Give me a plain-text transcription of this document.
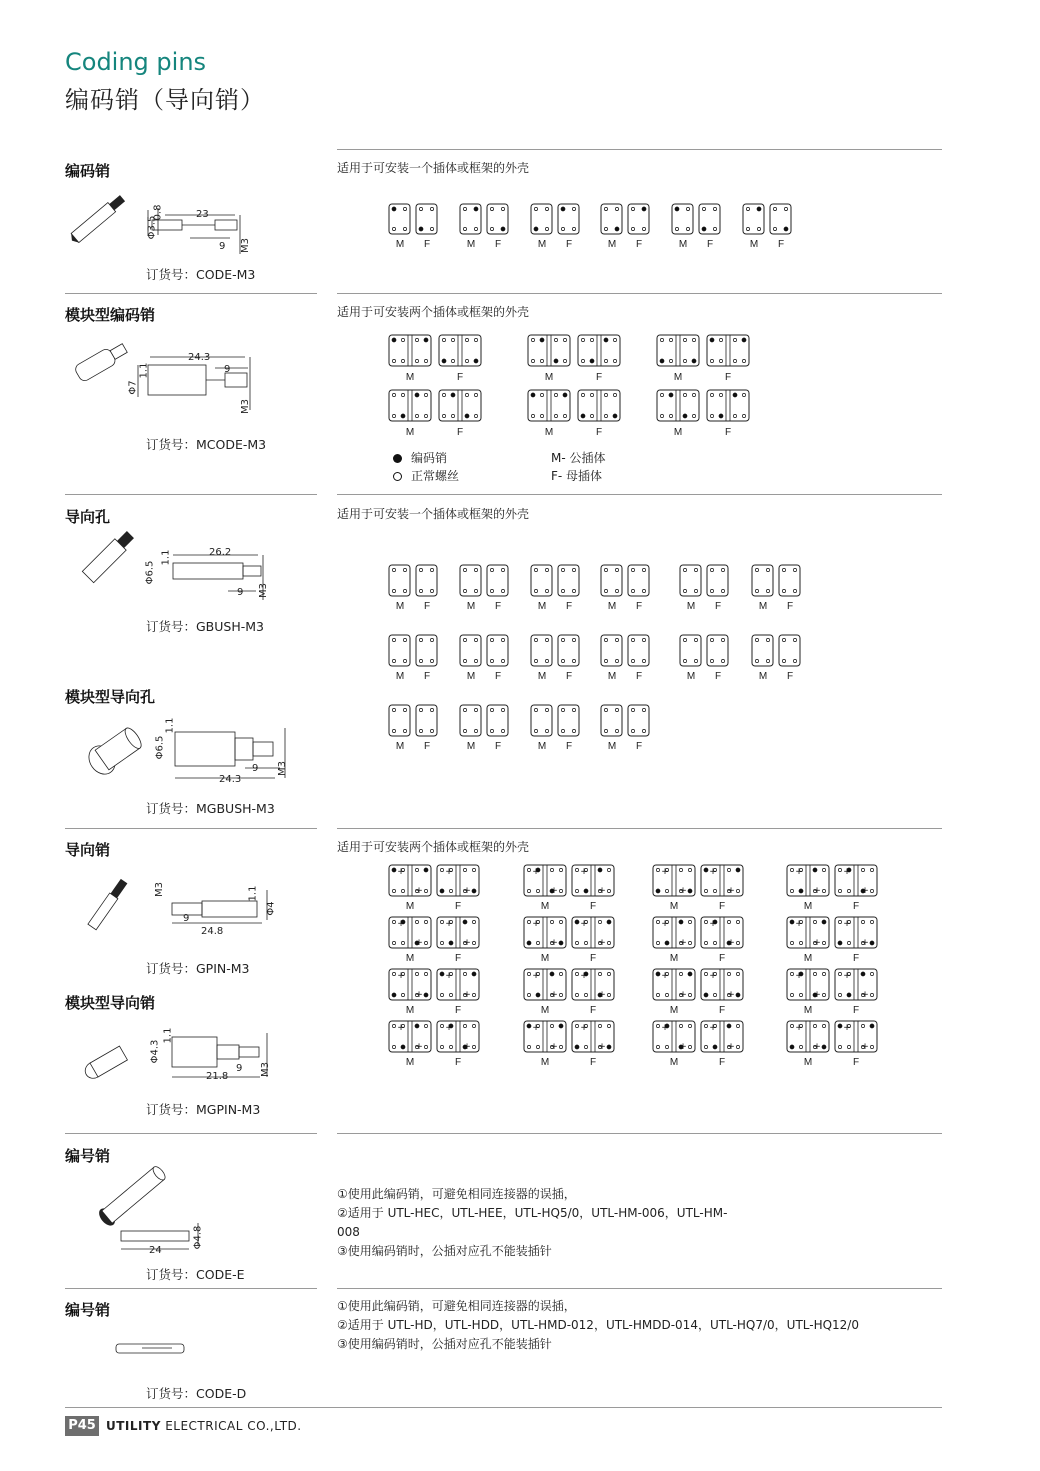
Coding pins
编码销（导向销）
编码销
模块型编码销
导向孔
模块型导向孔
导向销
模块型导向销
编号销
编号销
订货号：CODE-M3
订货号：MCODE-M3
订货号：GBUSH-M3
订货号：MGBUSH-M3
订货号：GPIN-M3
订货号：MGPIN-M3
订货号：CODE-E
订货号：CODE-D
适用于可安装一个插体或框架的外壳
适用于可安装两个插体或框架的外壳
适用于可安装一个插体或框架的外壳
适用于可安装两个插体或框架的外壳
编码销
正常螺丝
M- 公插体
F- 母插体
①使用此编码销，可避免相同连接器的误插，
②适用于 UTL-HEC，UTL-HEE，UTL-HQ5/0，UTL-HM-006，UTL-HM-008
③使用编码销时，公插对应孔不能装插针
①使用此编码销，可避免相同连接器的误插，
②适用于 UTL-HD，UTL-HDD，UTL-HMD-012，UTL-HMDD-014，UTL-HQ7/0，UTL-HQ12/0
③使用编码销时，公插对应孔不能装插针
23
9
Φ3.5
0.8
M3
24.3
9
Φ7
1.1
M3
26.2
9
Φ6.5
1.1
M3
24.3
9
Φ6.5
1.1
M3
9
24.8
M3	1.1
Φ4
21.8
9
Φ4.3
1.1
M3
24
Φ4.8
M F	M F	M F	M F	M F	M F
M	F	M	F	M	F
M	F	M	F	M	F
M F	M F	M F	M F	M F	M F
M F	M F	M F	M F	M F	M F
M F	M F	M F	M F
+
+
+
+
M	F
+
+
+
+
M	F
+
+
+
+
M	F
+
+
+
+
M	F
+
+
+
+
M	F
+
+
+
+
M	F
+
+
+
+
M	F
+
+
+
+
M	F
+
+
+
+
M	F
+
+
+
+
M	F
+
+
+
+
M	F
+
+
+
+
M	F
+
+
+
+
M	F
+
+
+
+
M	F
+
+
+
+
M	F
+
+
+
+
M	F
P45 UTILITY ELECTRICAL CO.,LTD.
